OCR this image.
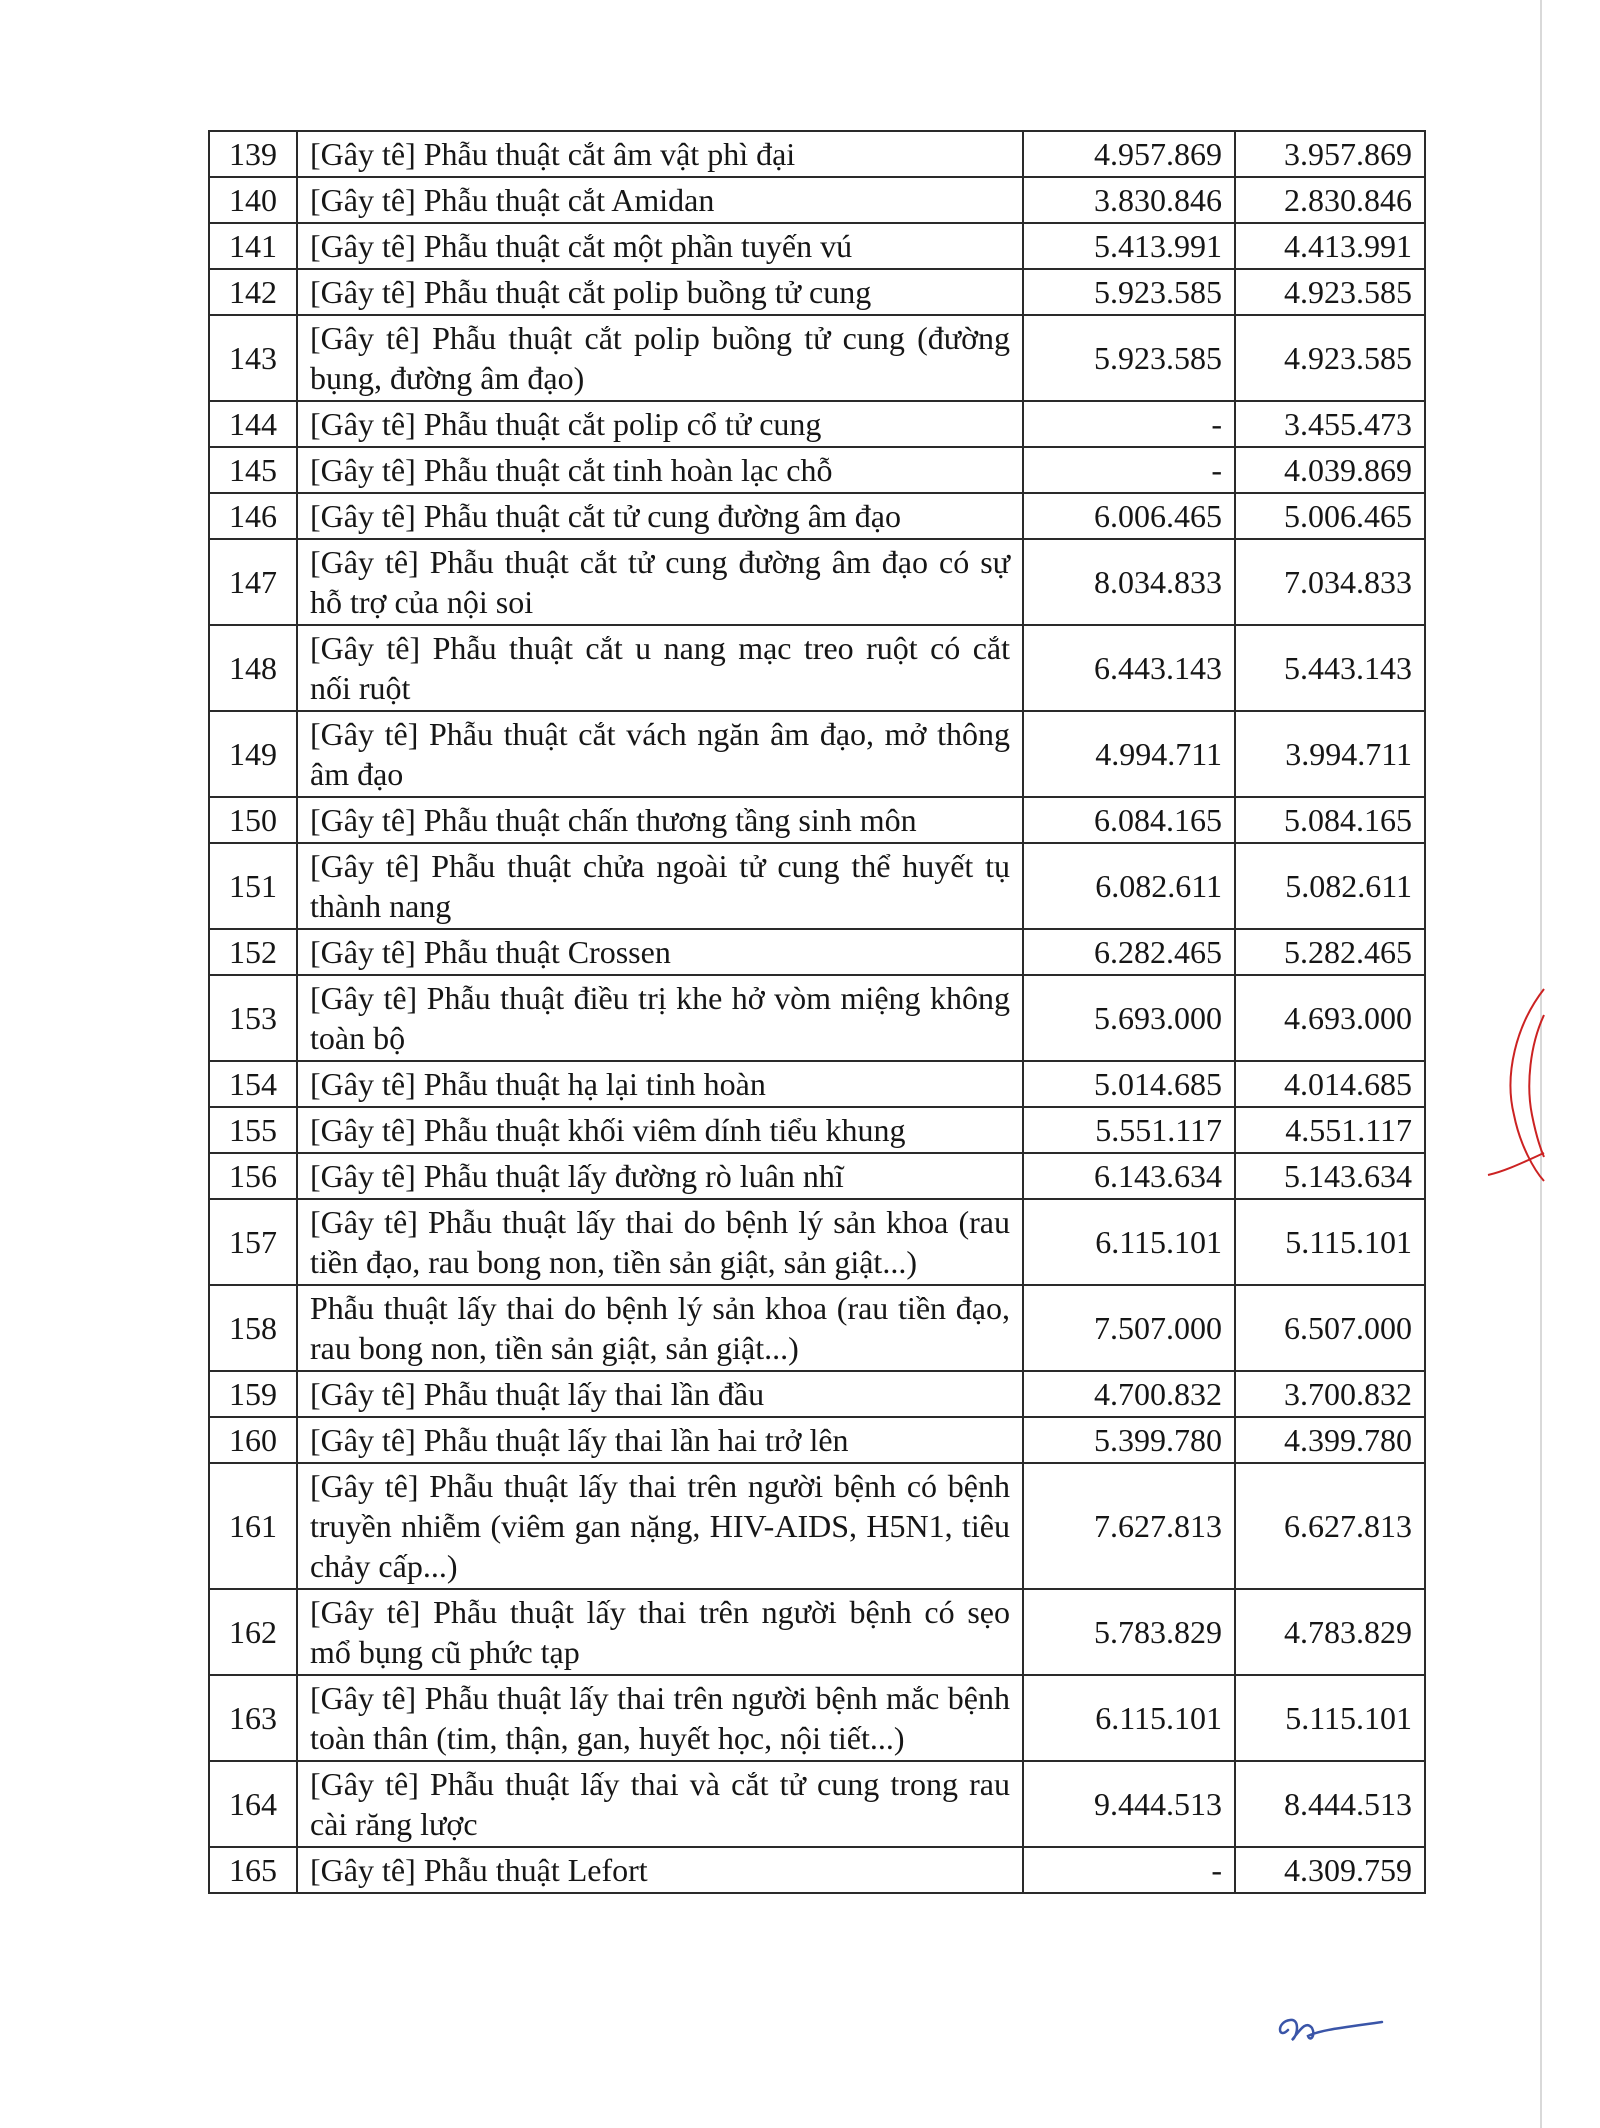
139	[Gây tê] Phẫu thuật cắt âm vật phì đại	4.957.869	3.957.869
140	[Gây tê] Phẫu thuật cắt Amidan	3.830.846	2.830.846
141	[Gây tê] Phẫu thuật cắt một phần tuyến vú	5.413.991	4.413.991
142	[Gây tê] Phẫu thuật cắt polip buồng tử cung	5.923.585	4.923.585
143	[Gây tê] Phẫu thuật cắt polip buồng tử cung (đường bụng, đường âm đạo)	5.923.585	4.923.585
144	[Gây tê] Phẫu thuật cắt polip cổ tử cung	-	3.455.473
145	[Gây tê] Phẫu thuật cắt tinh hoàn lạc chỗ	-	4.039.869
146	[Gây tê] Phẫu thuật cắt tử cung đường âm đạo	6.006.465	5.006.465
147	[Gây tê] Phẫu thuật cắt tử cung đường âm đạo có sự hỗ trợ của nội soi	8.034.833	7.034.833
148	[Gây tê] Phẫu thuật cắt u nang mạc treo ruột có cắt nối ruột	6.443.143	5.443.143
149	[Gây tê] Phẫu thuật cắt vách ngăn âm đạo, mở thông âm đạo	4.994.711	3.994.711
150	[Gây tê] Phẫu thuật chấn thương tầng sinh môn	6.084.165	5.084.165
151	[Gây tê] Phẫu thuật chửa ngoài tử cung thể huyết tụ thành nang	6.082.611	5.082.611
152	[Gây tê] Phẫu thuật Crossen	6.282.465	5.282.465
153	[Gây tê] Phẫu thuật điều trị khe hở vòm miệng không toàn bộ	5.693.000	4.693.000
154	[Gây tê] Phẫu thuật hạ lại tinh hoàn	5.014.685	4.014.685
155	[Gây tê] Phẫu thuật khối viêm dính tiểu khung	5.551.117	4.551.117
156	[Gây tê] Phẫu thuật lấy đường rò luân nhĩ	6.143.634	5.143.634
157	[Gây tê] Phẫu thuật lấy thai do bệnh lý sản khoa (rau tiền đạo, rau bong non, tiền sản giật, sản giật...)	6.115.101	5.115.101
158	Phẫu thuật lấy thai do bệnh lý sản khoa (rau tiền đạo, rau bong non, tiền sản giật, sản giật...)	7.507.000	6.507.000
159	[Gây tê] Phẫu thuật lấy thai lần đầu	4.700.832	3.700.832
160	[Gây tê] Phẫu thuật lấy thai lần hai trở lên	5.399.780	4.399.780
161	[Gây tê] Phẫu thuật lấy thai trên người bệnh có bệnh truyền nhiễm (viêm gan nặng, HIV-AIDS, H5N1, tiêu chảy cấp...)	7.627.813	6.627.813
162	[Gây tê] Phẫu thuật lấy thai trên người bệnh có sẹo mổ bụng cũ phức tạp	5.783.829	4.783.829
163	[Gây tê] Phẫu thuật lấy thai trên người bệnh mắc bệnh toàn thân (tim, thận, gan, huyết học, nội tiết...)	6.115.101	5.115.101
164	[Gây tê] Phẫu thuật lấy thai và cắt tử cung trong rau cài răng lược	9.444.513	8.444.513
165	[Gây tê] Phẫu thuật Lefort	-	4.309.759
